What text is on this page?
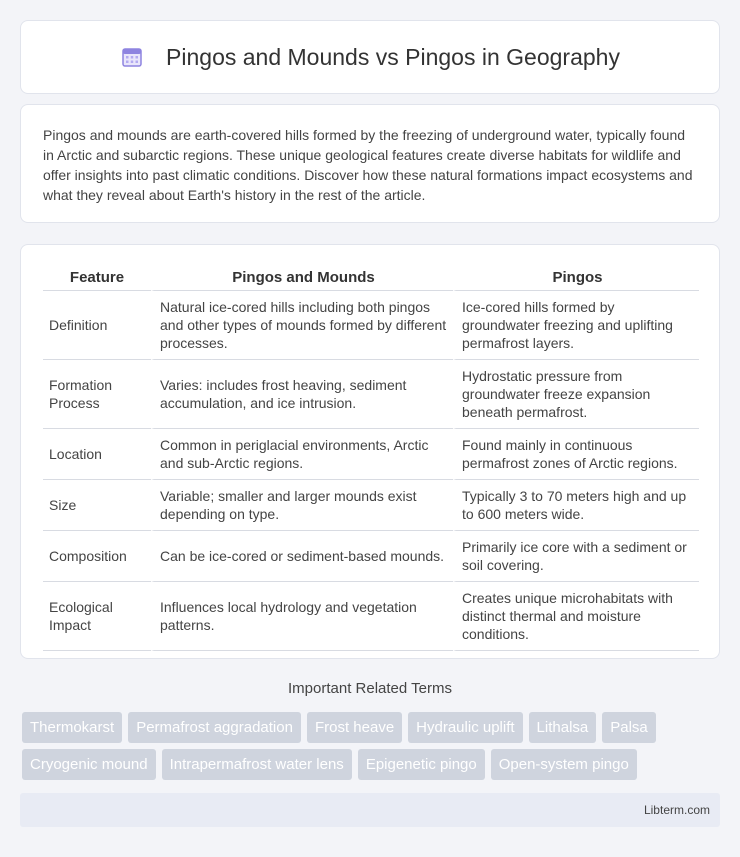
Pingos and Mounds vs Pingos in Geography

Pingos and mounds are earth-covered hills formed by the freezing of underground water, typically found in Arctic and subarctic regions. These unique geological features create diverse habitats for wildlife and offer insights into past climatic conditions. Discover how these natural formations impact ecosystems and what they reveal about Earth's history in the rest of the article.

Feature	Pingos and Mounds	Pingos
Definition	Natural ice-cored hills including both pingos and other types of mounds formed by different processes.	Ice-cored hills formed by groundwater freezing and uplifting permafrost layers.
Formation Process	Varies: includes frost heaving, sediment accumulation, and ice intrusion.	Hydrostatic pressure from groundwater freeze expansion beneath permafrost.
Location	Common in periglacial environments, Arctic and sub-Arctic regions.	Found mainly in continuous permafrost zones of Arctic regions.
Size	Variable; smaller and larger mounds exist depending on type.	Typically 3 to 70 meters high and up to 600 meters wide.
Composition	Can be ice-cored or sediment-based mounds.	Primarily ice core with a sediment or soil covering.
Ecological Impact	Influences local hydrology and vegetation patterns.	Creates unique microhabitats with distinct thermal and moisture conditions.
Important Related Terms
Thermokarst	Permafrost aggradation	Frost heave	Hydraulic uplift	Lithalsa	Palsa
Cryogenic mound	Intrapermafrost water lens	Epigenetic pingo	Open-system pingo
Libterm.com
